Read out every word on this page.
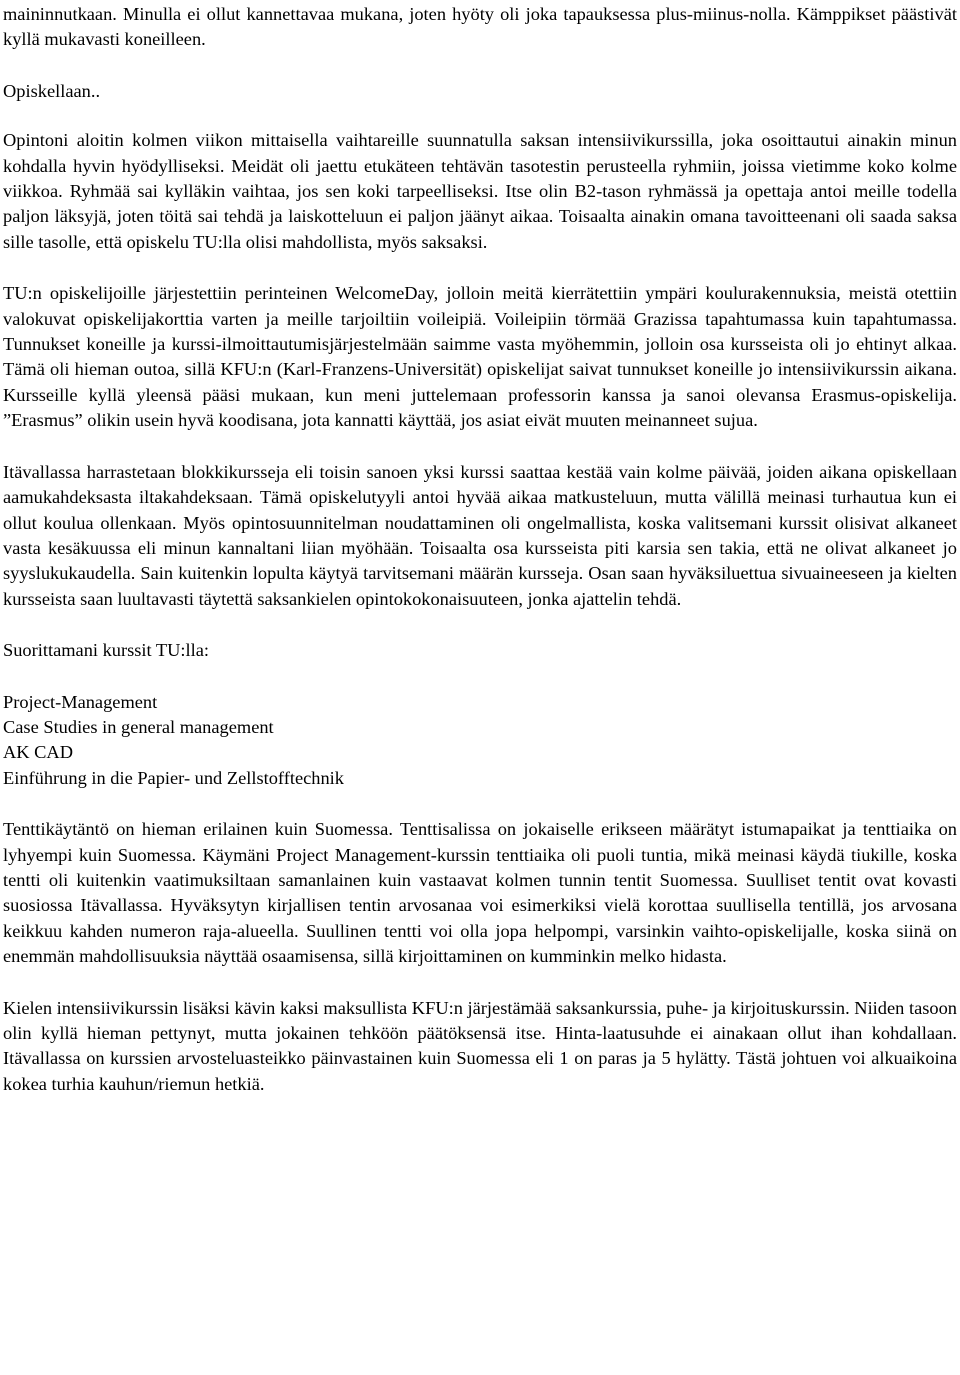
maininnutkaan. Minulla ei ollut kannettavaa mukana, joten hyöty oli joka tapauksessa plus-miinus-nolla. Kämppikset päästivät kyllä mukavasti koneilleen.

Opiskellaan..

Opintoni aloitin kolmen viikon mittaisella vaihtareille suunnatulla saksan intensiivikurssilla, joka osoittautui ainakin minun kohdalla hyvin hyödylliseksi. Meidät oli jaettu etukäteen tehtävän tasotestin perusteella ryhmiin, joissa vietimme koko kolme viikkoa. Ryhmää sai kylläkin vaihtaa, jos sen koki tarpeelliseksi. Itse olin B2-tason ryhmässä ja opettaja antoi meille todella paljon läksyjä, joten töitä sai tehdä ja laiskotteluun ei paljon jäänyt aikaa. Toisaalta ainakin omana tavoitteenani oli saada saksa sille tasolle, että opiskelu TU:lla olisi mahdollista, myös saksaksi.

TU:n opiskelijoille järjestettiin perinteinen WelcomeDay, jolloin meitä kierrätettiin ympäri koulurakennuksia, meistä otettiin valokuvat opiskelijakorttia varten ja meille tarjoiltiin voileipiä. Voileipiin törmää Grazissa tapahtumassa kuin tapahtumassa. Tunnukset koneille ja kurssi-ilmoittautumisjärjestelmään saimme vasta myöhemmin, jolloin osa kursseista oli jo ehtinyt alkaa. Tämä oli hieman outoa, sillä KFU:n (Karl-Franzens-Universität) opiskelijat saivat tunnukset koneille jo intensiivikurssin aikana. Kursseille kyllä yleensä pääsi mukaan, kun meni juttelemaan professorin kanssa ja sanoi olevansa Erasmus-opiskelija. ”Erasmus” olikin usein hyvä koodisana, jota kannatti käyttää, jos asiat eivät muuten meinanneet sujua.

Itävallassa harrastetaan blokkikursseja eli toisin sanoen yksi kurssi saattaa kestää vain kolme päivää, joiden aikana opiskellaan aamukahdeksasta iltakahdeksaan. Tämä opiskelutyyli antoi hyvää aikaa matkusteluun, mutta välillä meinasi turhautua kun ei ollut koulua ollenkaan. Myös opintosuunnitelman noudattaminen oli ongelmallista, koska valitsemani kurssit olisivat alkaneet vasta kesäkuussa eli minun kannaltani liian myöhään. Toisaalta osa kursseista piti karsia sen takia, että ne olivat alkaneet jo syyslukukaudella. Sain kuitenkin lopulta käytyä tarvitsemani määrän kursseja. Osan saan hyväksiluettua sivuaineeseen ja kielten kursseista saan luultavasti täytettä saksankielen opintokokonaisuuteen, jonka ajattelin tehdä.

Suorittamani kurssit TU:lla:

Project-Management
Case Studies in general management
AK CAD
Einführung in die Papier- und Zellstofftechnik

Tenttikäytäntö on hieman erilainen kuin Suomessa. Tenttisalissa on jokaiselle erikseen määrätyt istumapaikat ja tenttiaika on lyhyempi kuin Suomessa. Käymäni Project Management-kurssin tenttiaika oli puoli tuntia, mikä meinasi käydä tiukille, koska tentti oli kuitenkin vaatimuksiltaan samanlainen kuin vastaavat kolmen tunnin tentit Suomessa. Suulliset tentit ovat kovasti suosiossa Itävallassa. Hyväksytyn kirjallisen tentin arvosanaa voi esimerkiksi vielä korottaa suullisella tentillä, jos arvosana keikkuu kahden numeron raja-alueella. Suullinen tentti voi olla jopa helpompi, varsinkin vaihto-opiskelijalle, koska siinä on enemmän mahdollisuuksia näyttää osaamisensa, sillä kirjoittaminen on kumminkin melko hidasta.

Kielen intensiivikurssin lisäksi kävin kaksi maksullista KFU:n järjestämää saksankurssia, puhe- ja kirjoituskurssin. Niiden tasoon olin kyllä hieman pettynyt, mutta jokainen tehköön päätöksensä itse. Hinta-laatusuhde ei ainakaan ollut ihan kohdallaan. Itävallassa on kurssien arvosteluasteikko päinvastainen kuin Suomessa eli 1 on paras ja 5 hylätty. Tästä johtuen voi alkuaikoina kokea turhia kauhun/riemun hetkiä.
